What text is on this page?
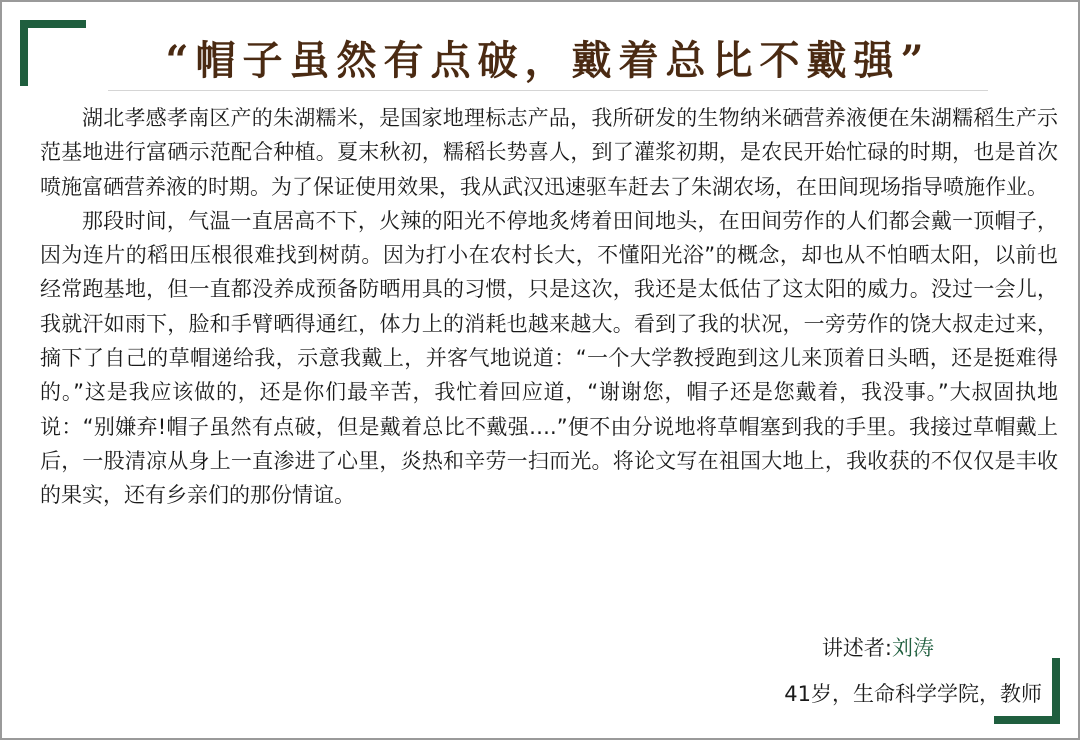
“帽子虽然有点破，戴着总比不戴强”

湖北孝感孝南区产的朱湖糯米，是国家地理标志产品，我所研发的生物纳米硒营养液便在朱湖糯稻生产示范基地进行富硒示范配合种植。夏末秋初，糯稻长势喜人，到了灌浆初期，是农民开始忙碌的时期，也是首次喷施富硒营养液的时期。为了保证使用效果，我从武汉迅速驱车赶去了朱湖农场，在田间现场指导喷施作业。

那段时间，气温一直居高不下，火辣的阳光不停地炙烤着田间地头，在田间劳作的人们都会戴一顶帽子，因为连片的稻田压根很难找到树荫。因为打小在农村长大，不懂阳光浴”的概念，却也从不怕晒太阳，以前也经常跑基地，但一直都没养成预备防晒用具的习惯，只是这次，我还是太低估了这太阳的威力。没过一会儿，我就汗如雨下，脸和手臂晒得通红，体力上的消耗也越来越大。看到了我的状况，一旁劳作的饶大叔走过来，摘下了自己的草帽递给我，示意我戴上，并客气地说道：“一个大学教授跑到这儿来顶着日头晒，还是挺难得的。”这是我应该做的，还是你们最辛苦，我忙着回应道，“谢谢您，帽子还是您戴着，我没事。”大叔固执地说：“别嫌弃!帽子虽然有点破，但是戴着总比不戴强….”便不由分说地将草帽塞到我的手里。我接过草帽戴上后，一股清凉从身上一直渗进了心里，炎热和辛劳一扫而光。将论文写在祖国大地上，我收获的不仅仅是丰收的果实，还有乡亲们的那份情谊。

讲述者:刘涛
41岁，生命科学学院，教师
